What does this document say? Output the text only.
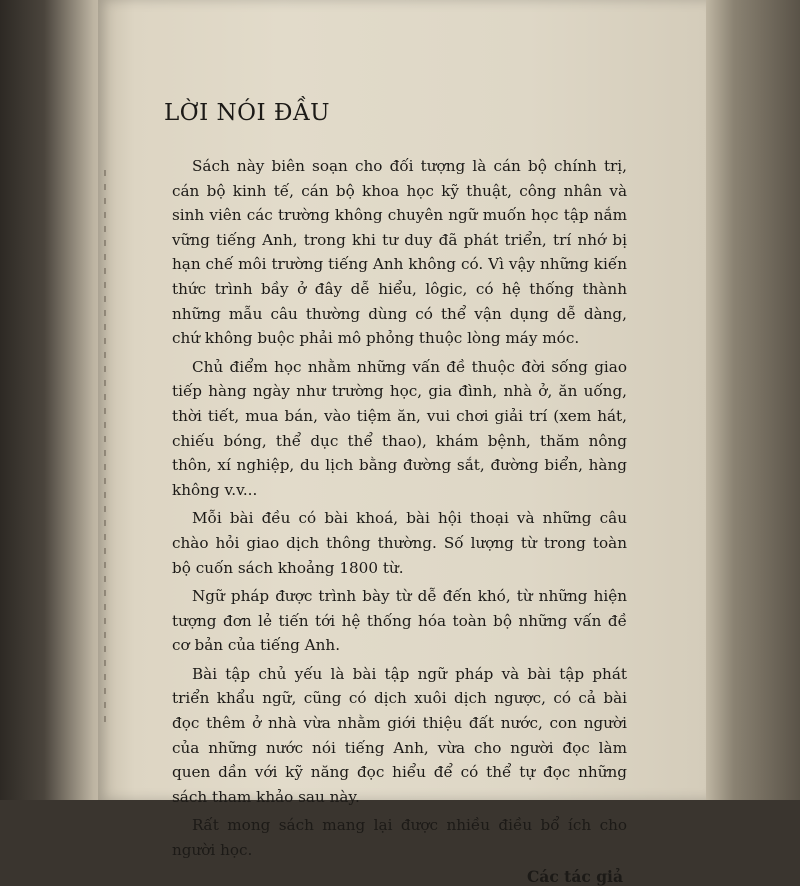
LỜI NÓI ĐẦU

Sách này biên soạn cho đối tượng là cán bộ chính trị, cán bộ kinh tế, cán bộ khoa học kỹ thuật, công nhân và sinh viên các trường không chuyên ngữ muốn học tập nắm vững tiếng Anh, trong khi tư duy đã phát triển, trí nhớ bị hạn chế môi trường tiếng Anh không có. Vì vậy những kiến thức trình bầy ở đây dễ hiểu, lôgic, có hệ thống thành những mẫu câu thường dùng có thể vận dụng dễ dàng, chứ không buộc phải mô phỏng thuộc lòng máy móc.

Chủ điểm học nhằm những vấn đề thuộc đời sống giao tiếp hàng ngày như trường học, gia đình, nhà ở, ăn uống, thời tiết, mua bán, vào tiệm ăn, vui chơi giải trí (xem hát, chiếu bóng, thể dục thể thao), khám bệnh, thăm nông thôn, xí nghiệp, du lịch bằng đường sắt, đường biển, hàng không v.v...

Mỗi bài đều có bài khoá, bài hội thoại và những câu chào hỏi giao dịch thông thường. Số lượng từ trong toàn bộ cuốn sách khoảng 1800 từ.

Ngữ pháp được trình bày từ dễ đến khó, từ những hiện tượng đơn lẻ tiến tới hệ thống hóa toàn bộ những vấn đề cơ bản của tiếng Anh.

Bài tập chủ yếu là bài tập ngữ pháp và bài tập phát triển khẩu ngữ, cũng có dịch xuôi dịch ngược, có cả bài đọc thêm ở nhà vừa nhằm giới thiệu đất nước, con người của những nước nói tiếng Anh, vừa cho người đọc làm quen dần với kỹ năng đọc hiểu để có thể tự đọc những sách tham khảo sau này.

Rất mong sách mang lại được nhiều điều bổ ích cho người học.

Các tác giả
